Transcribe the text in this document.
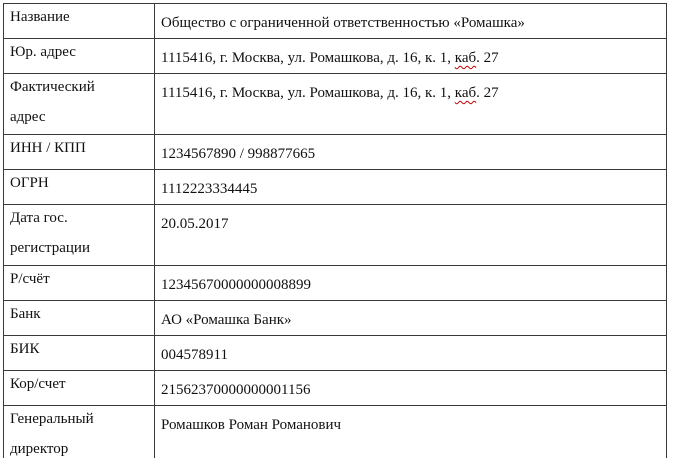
Название	Общество с ограниченной ответственностью «Ромашка»

Юр. адрес	1115416, г. Москва, ул. Ромашкова, д. 16, к. 1, каб. 27

Фактический
адрес	1115416, г. Москва, ул. Ромашкова, д. 16, к. 1, каб. 27

ИНН / КПП	1234567890 / 998877665

ОГРН	1112223334445

Дата гос.
регистрации	20.05.2017

Р/счёт	12345670000000008899

Банк	АО «Ромашка Банк»

БИК	004578911

Кор/счет	21562370000000001156

Генеральный
директор	Ромашков Роман Романович
